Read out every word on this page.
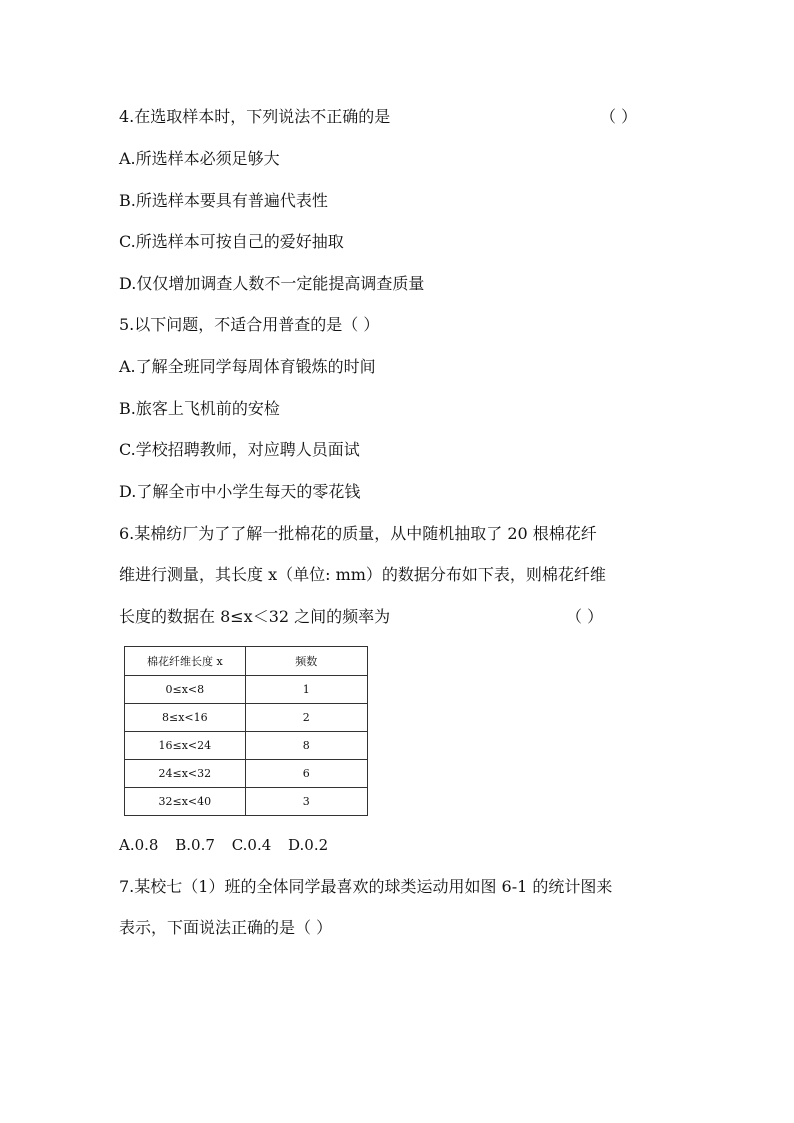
4.在选取样本时，下列说法不正确的是	（ ）
A.所选样本必须足够大
B.所选样本要具有普遍代表性
C.所选样本可按自己的爱好抽取
D.仅仅增加调查人数不一定能提高调查质量
5.以下问题，不适合用普查的是（ ）
A.了解全班同学每周体育锻炼的时间
B.旅客上飞机前的安检
C.学校招聘教师，对应聘人员面试
D.了解全市中小学生每天的零花钱
6.某棉纺厂为了了解一批棉花的质量，从中随机抽取了 20 根棉花纤
维进行测量，其长度 x（单位: mm）的数据分布如下表，则棉花纤维
长度的数据在 8≤x＜32 之间的频率为	（ ）
棉花纤维长度 x	频数
0≤x<8	1
8≤x<16	2
16≤x<24	8
24≤x<32	6
32≤x<40	3
A.0.8 B.0.7 C.0.4 D.0.2
7.某校七（1）班的全体同学最喜欢的球类运动用如图 6-1 的统计图来
表示，下面说法正确的是（ ）
